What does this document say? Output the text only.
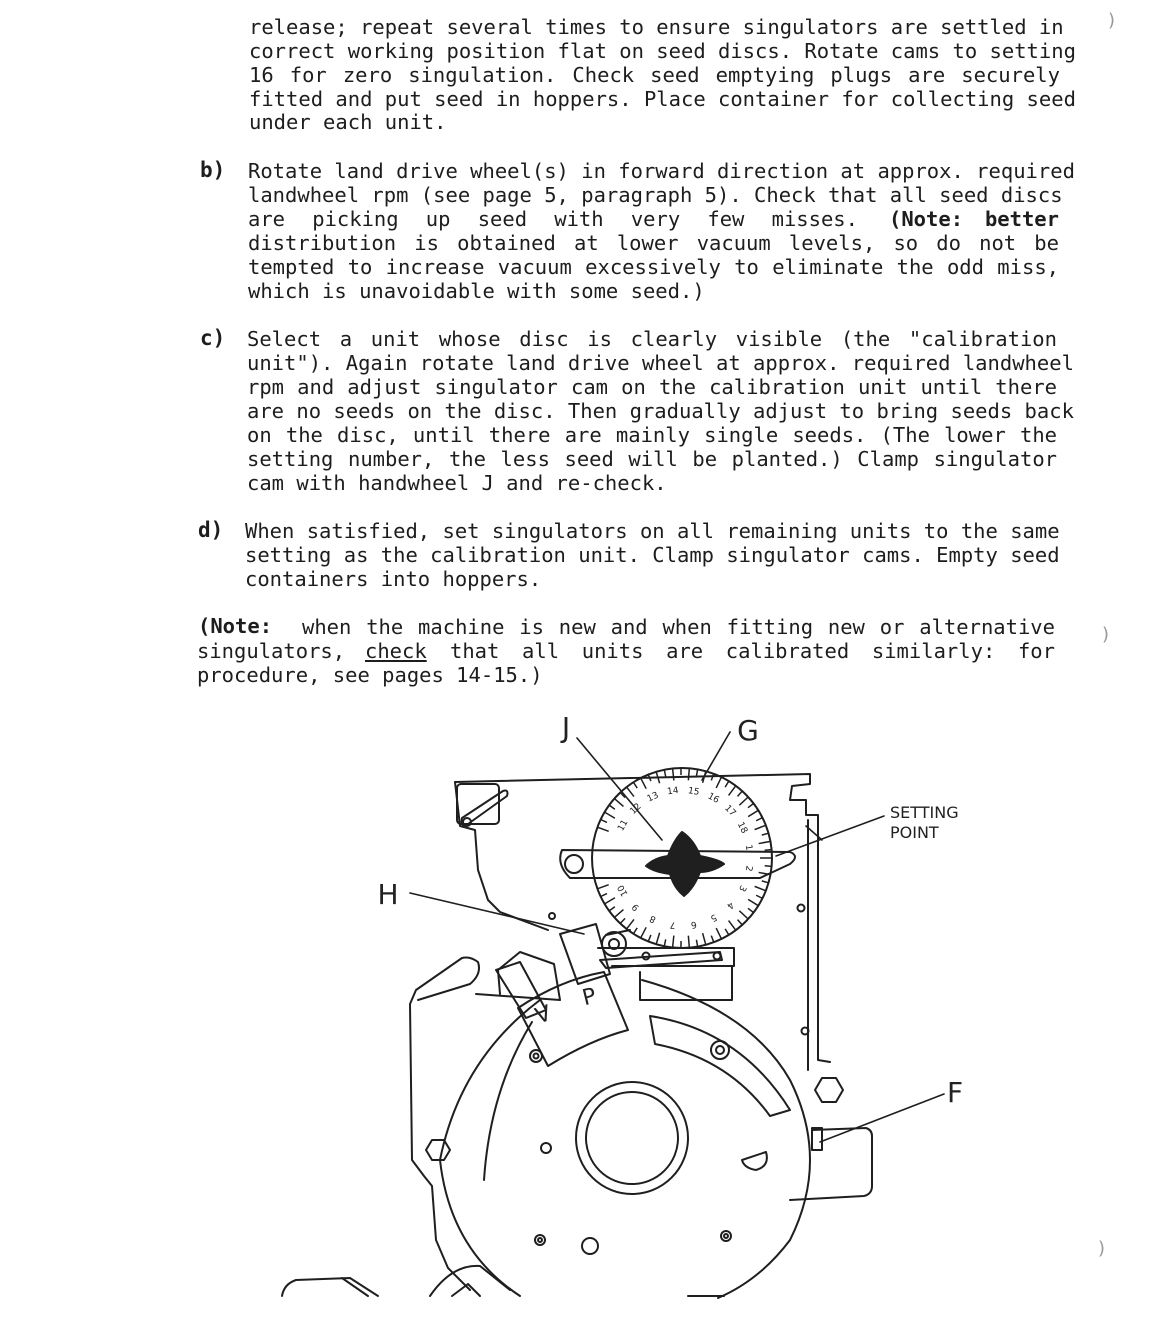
release; repeat several times to ensure singulators are settled in
correct working position flat on seed discs. Rotate cams to setting
16 for zero singulation. Check seed emptying plugs are securely
fitted and put seed in hoppers. Place container for collecting seed
under each unit.
b) Rotate land drive wheel(s) in forward direction at approx. required
landwheel rpm (see page 5, paragraph 5). Check that all seed discs
are picking up seed with very few misses. (Note: better
distribution is obtained at lower vacuum levels, so do not be
tempted to increase vacuum excessively to eliminate the odd miss,
which is unavoidable with some seed.)
c) Select a unit whose disc is clearly visible (the "calibration
unit"). Again rotate land drive wheel at approx. required landwheel
rpm and adjust singulator cam on the calibration unit until there
are no seeds on the disc. Then gradually adjust to bring seeds back
on the disc, until there are mainly single seeds. (The lower the
setting number, the less seed will be planted.) Clamp singulator
cam with handwheel J and re-check.
d) When satisfied, set singulators on all remaining units to the same
setting as the calibration unit. Clamp singulator cams. Empty seed
containers into hoppers.
(Note: when the machine is new and when fitting new or alternative
singulators, check that all units are calibrated similarly: for
procedure, see pages 14-15.)
)
)
)
11
12
13 14 15 16
17
18
1
2
3
4
5
6
7
8
9
10
J	G
H
F
SETTING
POINT
V
P
